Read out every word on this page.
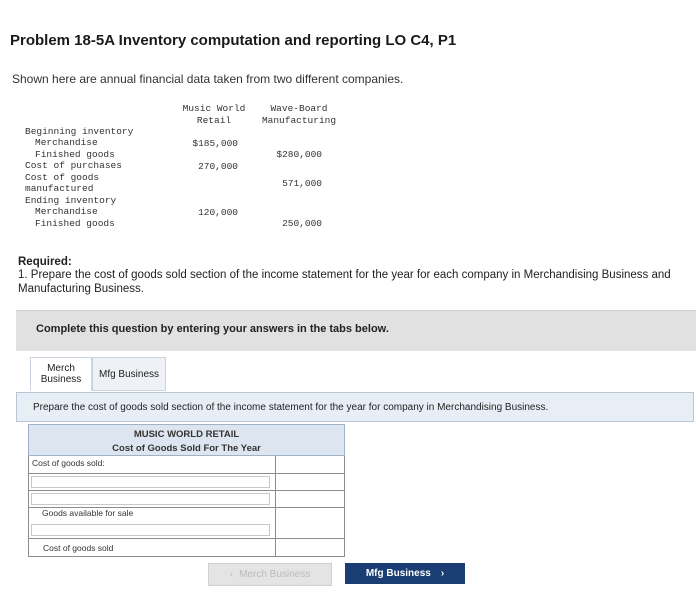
Problem 18-5A Inventory computation and reporting LO C4, P1
Shown here are annual financial data taken from two different companies.
Music World
Retail
Wave-Board
Manufacturing
Beginning inventory
Merchandise
Finished goods
Cost of purchases
Cost of goods
manufactured
Ending inventory
Merchandise
Finished goods
$185,000
270,000
120,000
$280,000
571,000
250,000
Required:
1. Prepare the cost of goods sold section of the income statement for the year for each company in Merchandising Business and Manufacturing Business.
Complete this question by entering your answers in the tabs below.
Merch
Business Mfg Business
Prepare the cost of goods sold section of the income statement for the year for company in Merchandising Business.
MUSIC WORLD RETAIL
Cost of Goods Sold For The Year
Cost of goods sold:
Goods available for sale
Cost of goods sold
‹ Merch Business	Mfg Business ›
